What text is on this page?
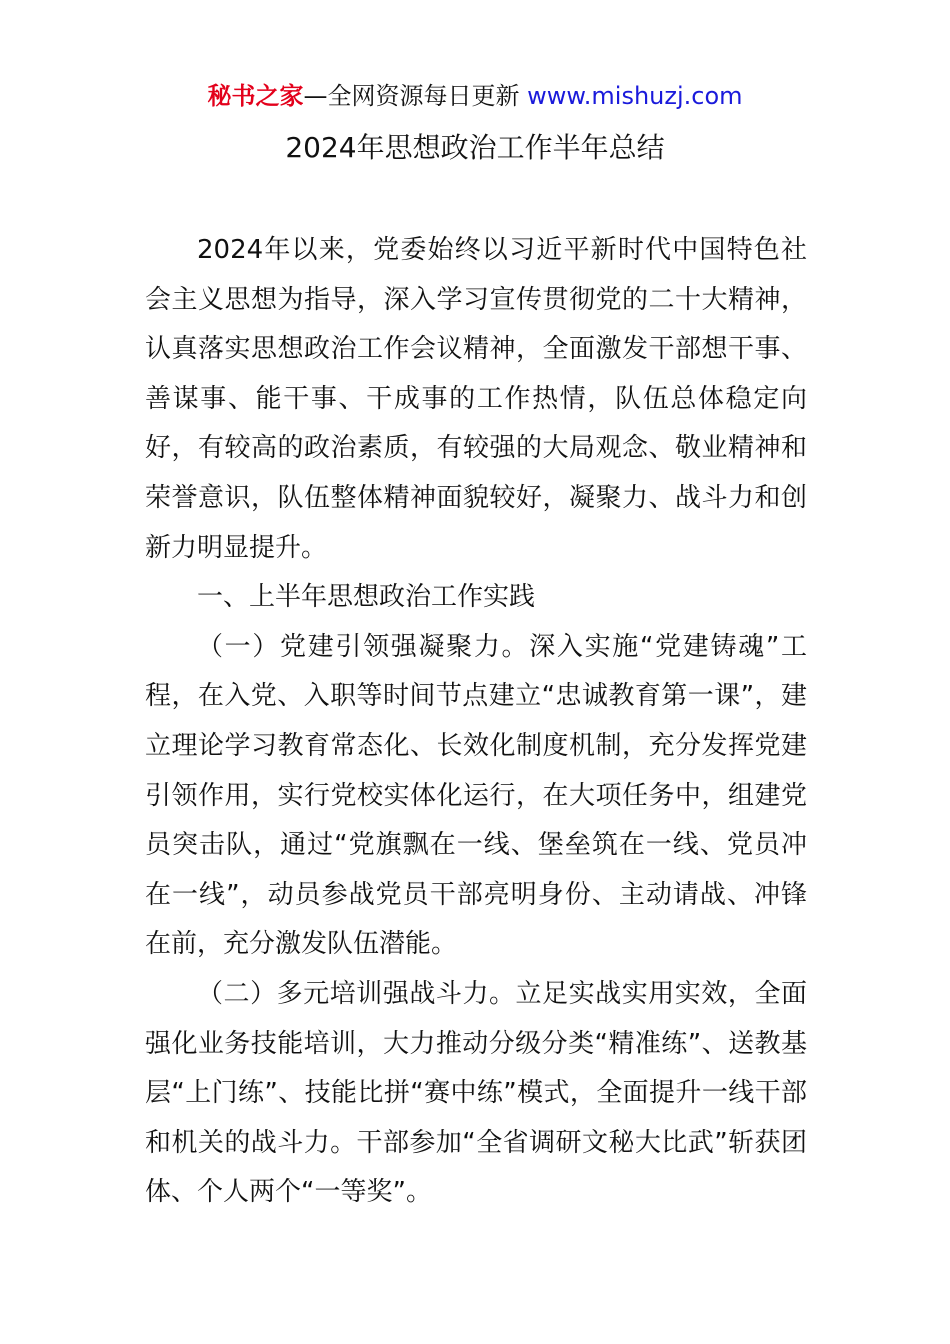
秘书之家—全网资源每日更新 www.mishuzj.com
2024年思想政治工作半年总结

2024年以来，党委始终以习近平新时代中国特色社会主义思想为指导，深入学习宣传贯彻党的二十大精神，认真落实思想政治工作会议精神，全面激发干部想干事、善谋事、能干事、干成事的工作热情，队伍总体稳定向好，有较高的政治素质，有较强的大局观念、敬业精神和荣誉意识，队伍整体精神面貌较好，凝聚力、战斗力和创新力明显提升。

一、上半年思想政治工作实践

（一）党建引领强凝聚力。深入实施“党建铸魂”工程，在入党、入职等时间节点建立“忠诚教育第一课”，建立理论学习教育常态化、长效化制度机制，充分发挥党建引领作用，实行党校实体化运行，在大项任务中，组建党员突击队，通过“党旗飘在一线、堡垒筑在一线、党员冲在一线”，动员参战党员干部亮明身份、主动请战、冲锋在前，充分激发队伍潜能。

（二）多元培训强战斗力。立足实战实用实效，全面强化业务技能培训，大力推动分级分类“精准练”、送教基层“上门练”、技能比拼“赛中练”模式，全面提升一线干部和机关的战斗力。干部参加“全省调研文秘大比武”斩获团体、个人两个“一等奖”。
